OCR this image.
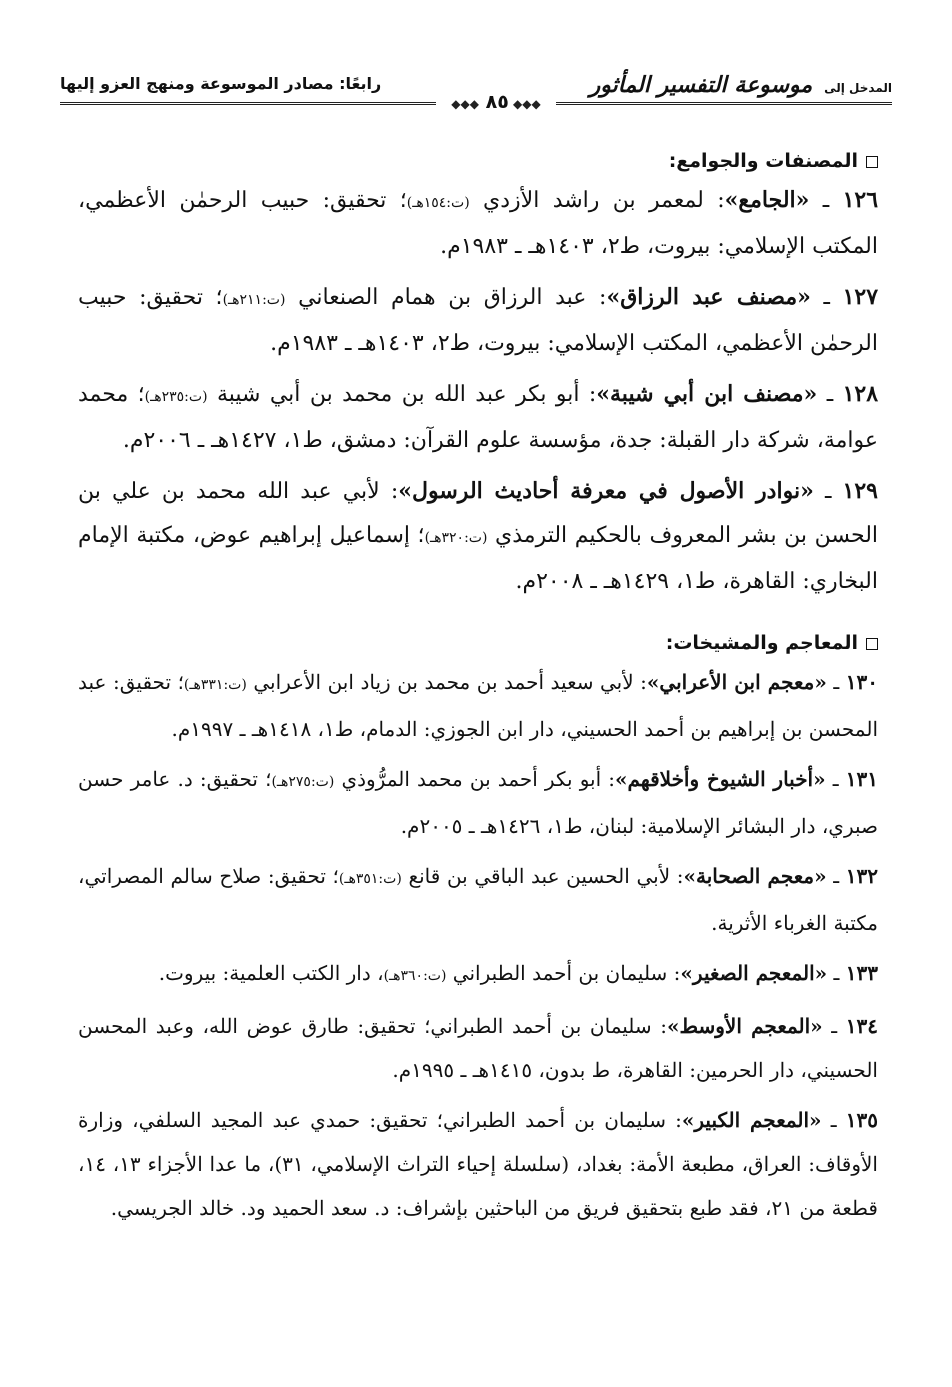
المدخل إلى موسوعة التفسير المأثور
◆◆◆ ٨٥ ◆◆◆
رابعًا: مصادر الموسوعة ومنهج العزو إليها
المصنفات والجوامع:

١٢٦ ـ «الجامع»: لمعمر بن راشد الأزدي (ت:١٥٤هـ)؛ تحقيق: حبيب الرحمٰن الأعظمي، المكتب الإسلامي: بيروت، ط٢، ١٤٠٣هـ ـ ١٩٨٣م.

١٢٧ ـ «مصنف عبد الرزاق»: عبد الرزاق بن همام الصنعاني (ت:٢١١هـ)؛ تحقيق: حبيب الرحمٰن الأعظمي، المكتب الإسلامي: بيروت، ط٢، ١٤٠٣هـ ـ ١٩٨٣م.

١٢٨ ـ «مصنف ابن أبي شيبة»: أبو بكر عبد الله بن محمد بن أبي شيبة (ت:٢٣٥هـ)؛ محمد عوامة، شركة دار القبلة: جدة، مؤسسة علوم القرآن: دمشق، ط١، ١٤٢٧هـ ـ ٢٠٠٦م.

١٢٩ ـ «نوادر الأصول في معرفة أحاديث الرسول»: لأبي عبد الله محمد بن علي بن الحسن بن بشر المعروف بالحكيم الترمذي (ت:٣٢٠هـ)؛ إسماعيل إبراهيم عوض، مكتبة الإمام البخاري: القاهرة، ط١، ١٤٢٩هـ ـ ٢٠٠٨م.

المعاجم والمشيخات:

١٣٠ ـ «معجم ابن الأعرابي»: لأبي سعيد أحمد بن محمد بن زياد ابن الأعرابي (ت:٣٣١هـ)؛ تحقيق: عبد المحسن بن إبراهيم بن أحمد الحسيني، دار ابن الجوزي: الدمام، ط١، ١٤١٨هـ ـ ١٩٩٧م.

١٣١ ـ «أخبار الشيوخ وأخلاقهم»: أبو بكر أحمد بن محمد المرُّوذي (ت:٢٧٥هـ)؛ تحقيق: د. عامر حسن صبري، دار البشائر الإسلامية: لبنان، ط١، ١٤٢٦هـ ـ ٢٠٠٥م.

١٣٢ ـ «معجم الصحابة»: لأبي الحسين عبد الباقي بن قانع (ت:٣٥١هـ)؛ تحقيق: صلاح سالم المصراتي، مكتبة الغرباء الأثرية.

١٣٣ ـ «المعجم الصغير»: سليمان بن أحمد الطبراني (ت:٣٦٠هـ)، دار الكتب العلمية: بيروت.

١٣٤ ـ «المعجم الأوسط»: سليمان بن أحمد الطبراني؛ تحقيق: طارق عوض الله، وعبد المحسن الحسيني، دار الحرمين: القاهرة، ط بدون، ١٤١٥هـ ـ ١٩٩٥م.

١٣٥ ـ «المعجم الكبير»: سليمان بن أحمد الطبراني؛ تحقيق: حمدي عبد المجيد السلفي، وزارة الأوقاف: العراق، مطبعة الأمة: بغداد، (سلسلة إحياء التراث الإسلامي، ٣١)، ما عدا الأجزاء ١٣، ١٤، قطعة من ٢١، فقد طبع بتحقيق فريق من الباحثين بإشراف: د. سعد الحميد ود. خالد الجريسي.
